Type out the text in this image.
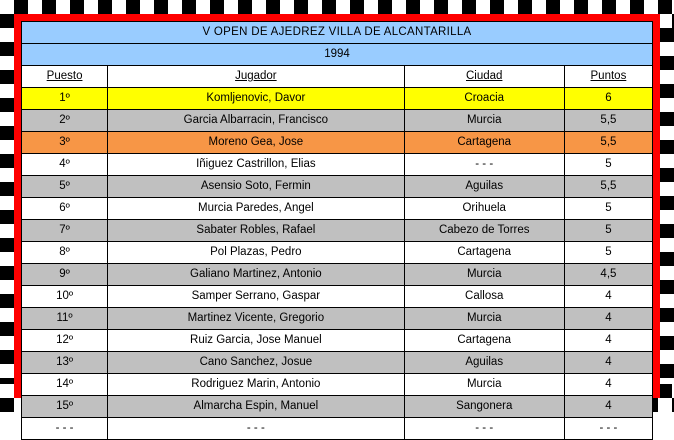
V OPEN DE AJEDREZ VILLA DE ALCANTARILLA			
1994			
Puesto	Jugador	Ciudad	Puntos
1º	Komljenovic, Davor	Croacia	6
2º	Garcia Albarracin, Francisco	Murcia	5,5
3º	Moreno Gea, Jose	Cartagena	5,5
4º	Iñiguez Castrillon, Elias	- - -	5
5º	Asensio Soto, Fermin	Aguilas	5,5
6º	Murcia Paredes, Angel	Orihuela	5
7º	Sabater Robles, Rafael	Cabezo de Torres	5
8º	Pol Plazas, Pedro	Cartagena	5
9º	Galiano Martinez, Antonio	Murcia	4,5
10º	Samper Serrano, Gaspar	Callosa	4
11º	Martinez Vicente, Gregorio	Murcia	4
12º	Ruiz Garcia, Jose Manuel	Cartagena	4
13º	Cano Sanchez, Josue	Aguilas	4
14º	Rodriguez Marin, Antonio	Murcia	4
15º	Almarcha Espin, Manuel	Sangonera	4
- - -	- - -	- - -	- - -
